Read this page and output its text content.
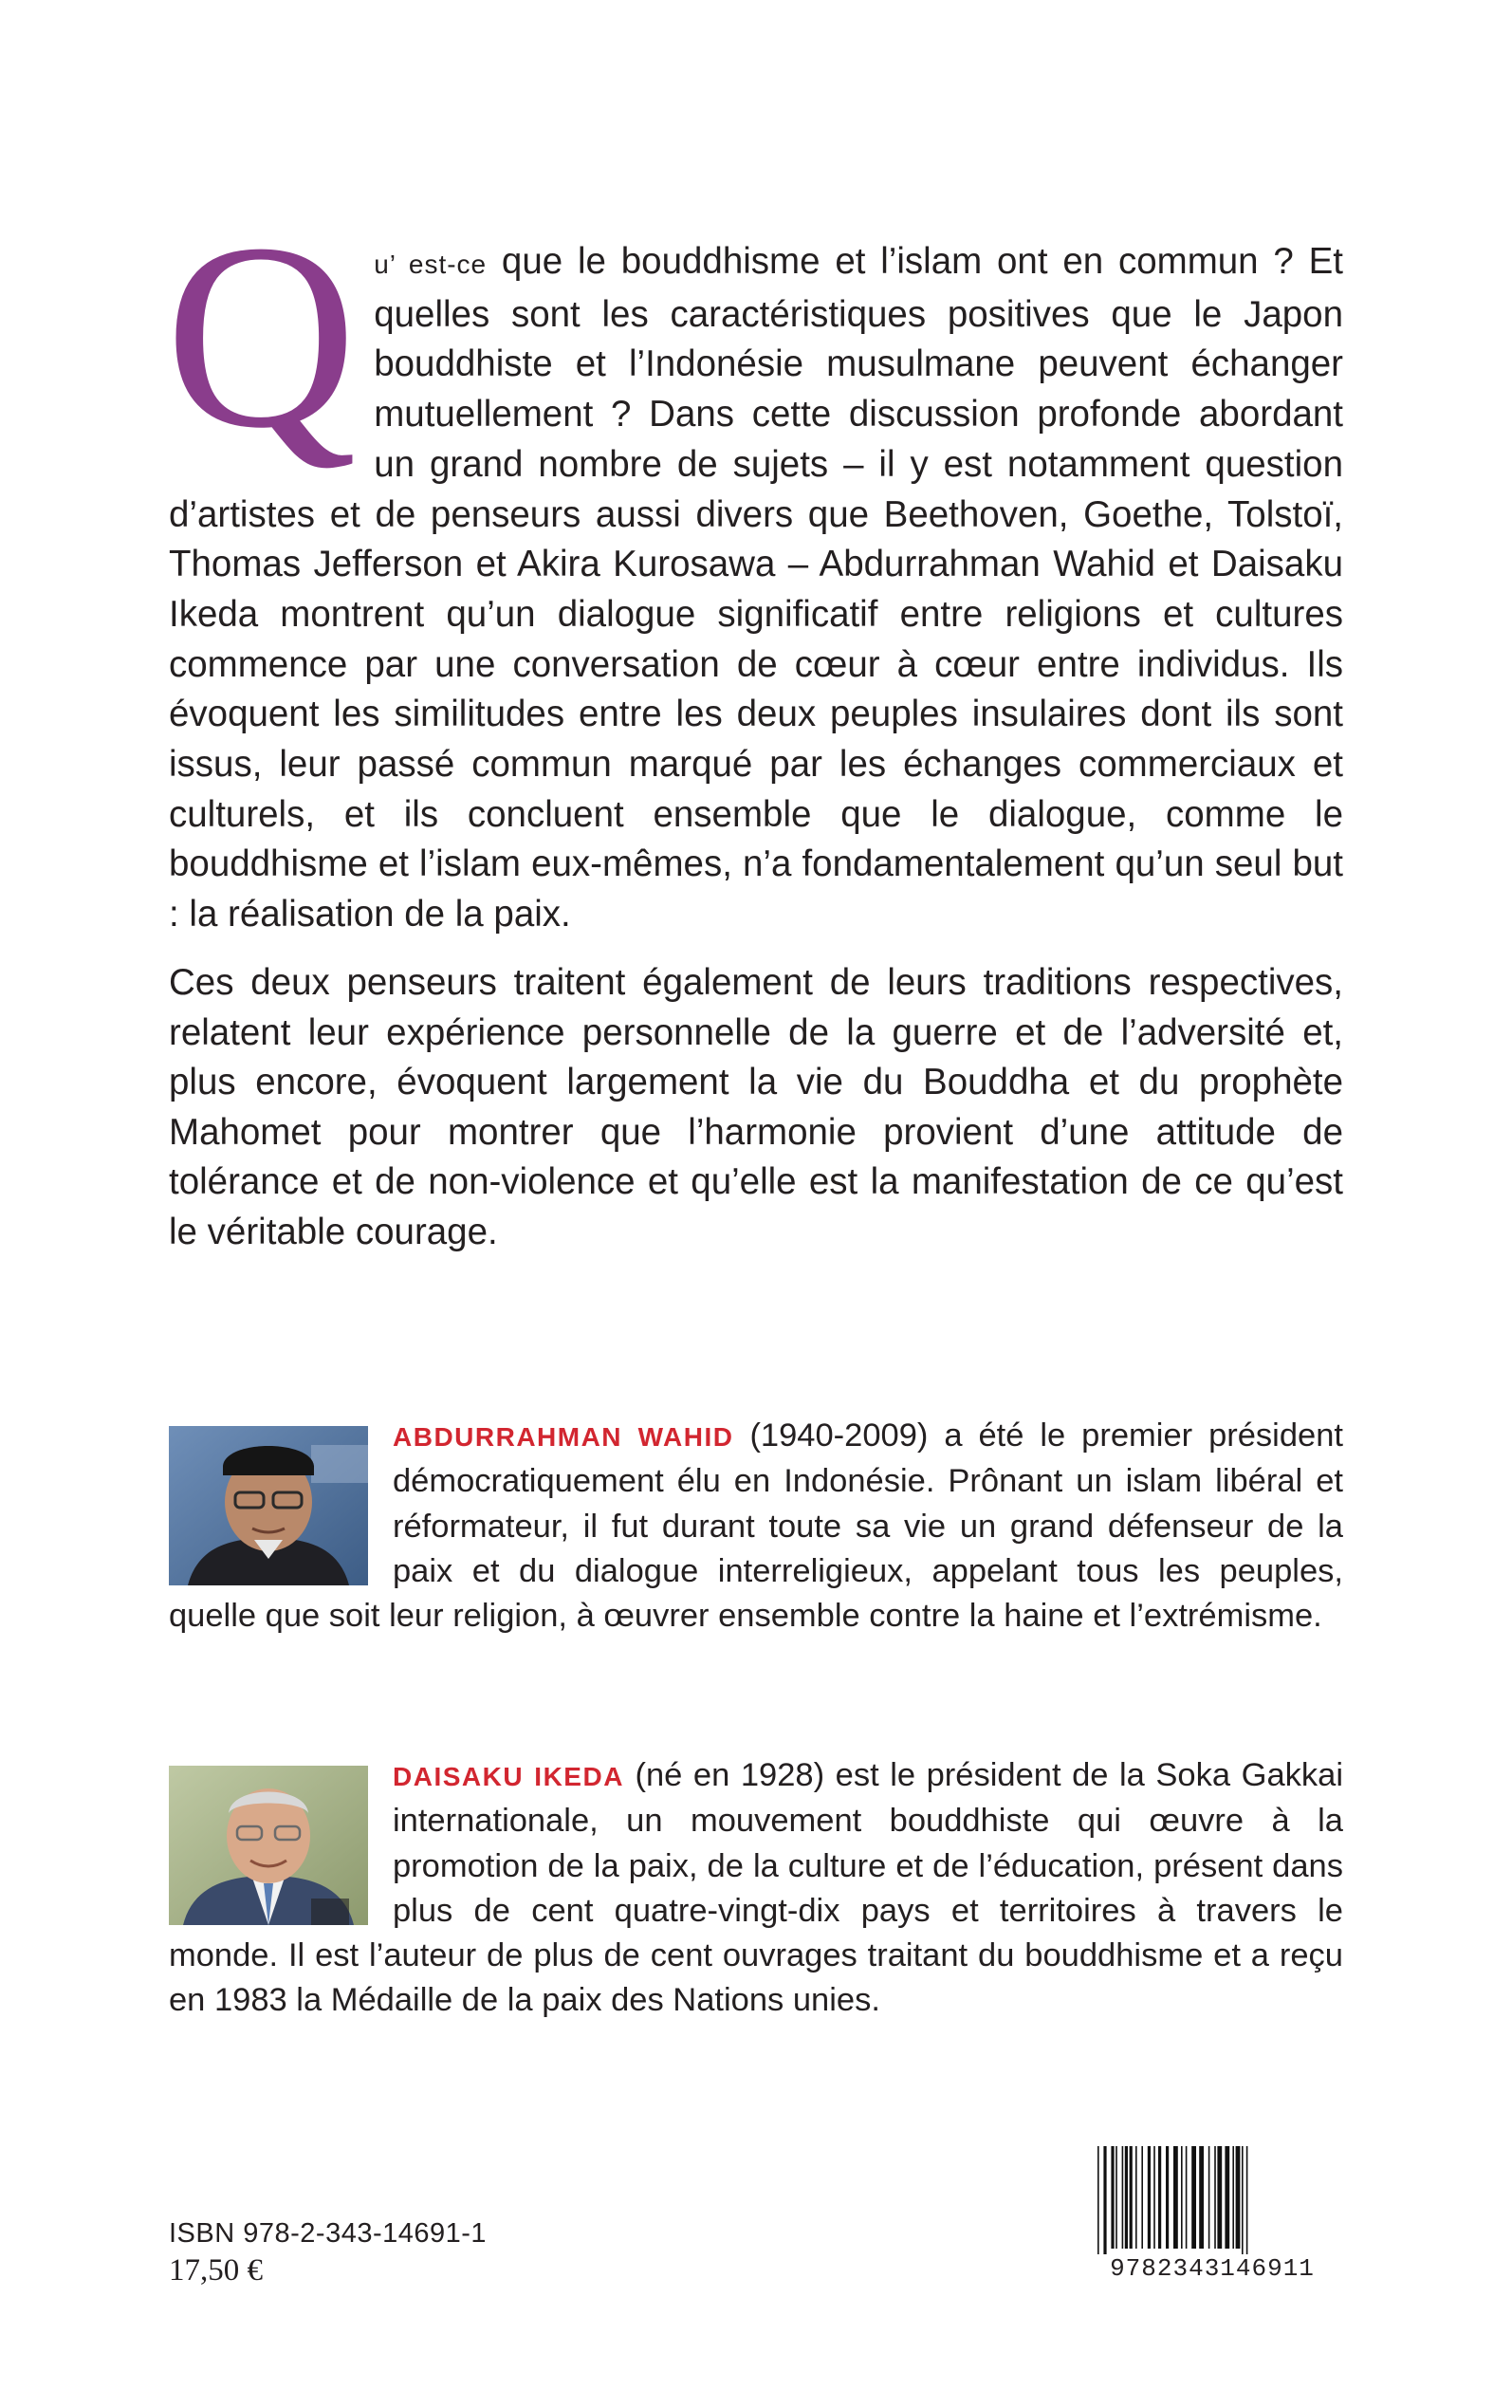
Qu’ est-ce que le bouddhisme et l’islam ont en commun ? Et quelles sont les caractéristiques positives que le Japon bouddhiste et l’Indonésie musulmane peuvent échanger mutuellement ? Dans cette discussion profonde abordant un grand nombre de sujets – il y est notamment question d’artistes et de penseurs aussi divers que Beethoven, Goethe, Tolstoï, Thomas Jefferson et Akira Kurosawa – Abdurrahman Wahid et Daisaku Ikeda montrent qu’un dialogue significatif entre religions et cultures commence par une conversation de cœur à cœur entre individus. Ils évoquent les similitudes entre les deux peuples insulaires dont ils sont issus, leur passé commun marqué par les échanges commerciaux et culturels, et ils concluent ensemble que le dialogue, comme le bouddhisme et l’islam eux-mêmes, n’a fondamentalement qu’un seul but : la réalisation de la paix.

Ces deux penseurs traitent également de leurs traditions respectives, relatent leur expérience personnelle de la guerre et de l’adversité et, plus encore, évoquent largement la vie du Bouddha et du prophète Mahomet pour montrer que l’harmonie provient d’une attitude de tolérance et de non-violence et qu’elle est la manifestation de ce qu’est le véritable courage.

ABDURRAHMAN WAHID (1940-2009) a été le premier président démocratiquement élu en Indonésie. Prônant un islam libéral et réformateur, il fut durant toute sa vie un grand défenseur de la paix et du dialogue interreligieux, appelant tous les peuples, quelle que soit leur religion, à œuvrer ensemble contre la haine et l’extrémisme.

DAISAKU IKEDA (né en 1928) est le président de la Soka Gakkai internationale, un mouvement bouddhiste qui œuvre à la promotion de la paix, de la culture et de l’éducation, présent dans plus de cent quatre-vingt-dix pays et territoires à travers le monde. Il est l’auteur de plus de cent ouvrages traitant du bouddhisme et a reçu en 1983 la Médaille de la paix des Nations unies.

ISBN 978-2-343-14691-1
17,50 €	9782343146911
